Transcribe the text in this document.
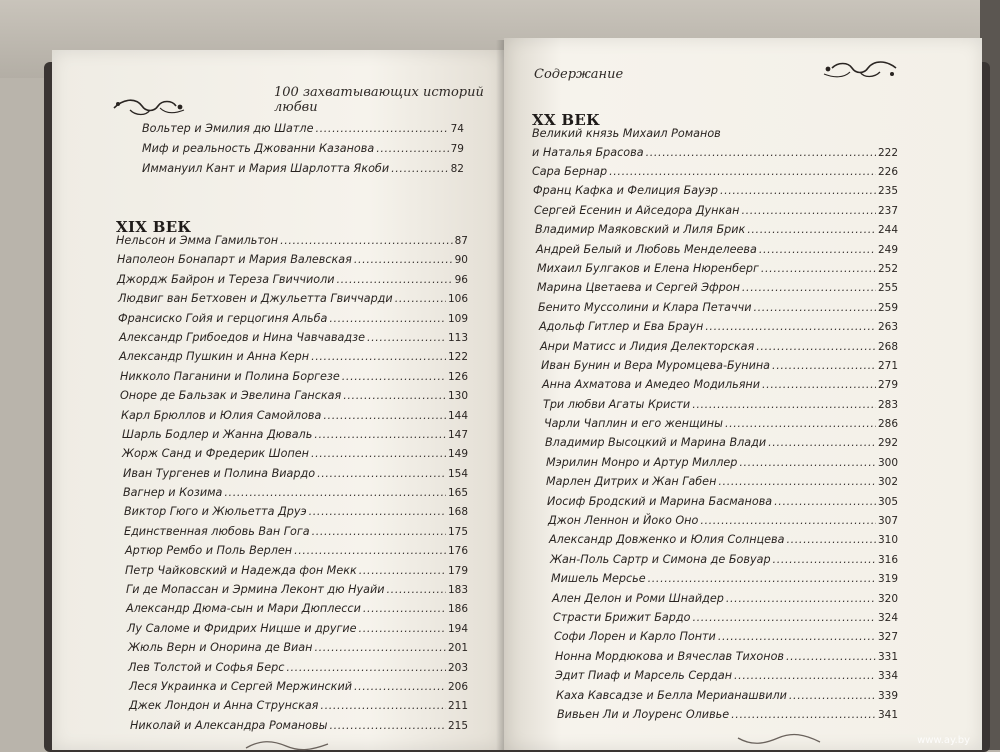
100 захватывающих историй любви
Вольтер и Эмилия дю Шатле .....	74
Миф и реальность Джованни Казанова .....	79
Иммануил Кант и Мария Шарлотта Якоби .....	82
XIX ВЕК
Нельсон и Эмма Гамильтон .....	87
Наполеон Бонапарт и Мария Валевская .....	90
Джордж Байрон и Тереза Гвиччиоли .....	96
Людвиг ван Бетховен и Джульетта Гвиччарди .....	106
Франсиско Гойя и герцогиня Альба .....	109
Александр Грибоедов и Нина Чавчавадзе .....	113
Александр Пушкин и Анна Керн .....	122
Никколо Паганини и Полина Боргезе .....	126
Оноре де Бальзак и Эвелина Ганская .....	130
Карл Брюллов и Юлия Самойлова .....	144
Шарль Бодлер и Жанна Дюваль .....	147
Жорж Санд и Фредерик Шопен .....	149
Иван Тургенев и Полина Виардо .....	154
Вагнер и Козима .....	165
Виктор Гюго и Жюльетта Друэ .....	168
Единственная любовь Ван Гога .....	175
Артюр Рембо и Поль Верлен .....	176
Петр Чайковский и Надежда фон Мекк .....	179
Ги де Мопассан и Эрмина Леконт дю Нуайи .....	183
Александр Дюма-сын и Мари Дюплесси .....	186
Лу Саломе и Фридрих Ницше и другие .....	194
Жюль Верн и Онорина де Виан .....	201
Лев Толстой и Софья Берс .....	203
Леся Украинка и Сергей Мержинский .....	206
Джек Лондон и Анна Струнская .....	211
Николай и Александра Романовы .....	215
Содержание
XX ВЕК
Великий князь Михаил Романов
и Наталья Брасова .....	222
Сара Бернар .....	226
Франц Кафка и Фелиция Бауэр .....	235
Сергей Есенин и Айседора Дункан .....	237
Владимир Маяковский и Лиля Брик .....	244
Андрей Белый и Любовь Менделеева .....	249
Михаил Булгаков и Елена Нюренберг .....	252
Марина Цветаева и Сергей Эфрон .....	255
Бенито Муссолини и Клара Петаччи .....	259
Адольф Гитлер и Ева Браун .....	263
Анри Матисс и Лидия Делекторская .....	268
Иван Бунин и Вера Муромцева-Бунина .....	271
Анна Ахматова и Амедео Модильяни .....	279
Три любви Агаты Кристи .....	283
Чарли Чаплин и его женщины .....	286
Владимир Высоцкий и Марина Влади .....	292
Мэрилин Монро и Артур Миллер .....	300
Марлен Дитрих и Жан Габен .....	302
Иосиф Бродский и Марина Басманова .....	305
Джон Леннон и Йоко Оно .....	307
Александр Довженко и Юлия Солнцева .....	310
Жан-Поль Сартр и Симона де Бовуар .....	316
Мишель Мерсье .....	319
Ален Делон и Роми Шнайдер .....	320
Страсти Брижит Бардо .....	324
Софи Лорен и Карло Понти .....	327
Нонна Мордюкова и Вячеслав Тихонов .....	331
Эдит Пиаф и Марсель Сердан .....	334
Каха Кавсадзе и Белла Мерианашвили .....	339
Вивьен Ли и Лоуренс Оливье .....	341
www.ay.by
